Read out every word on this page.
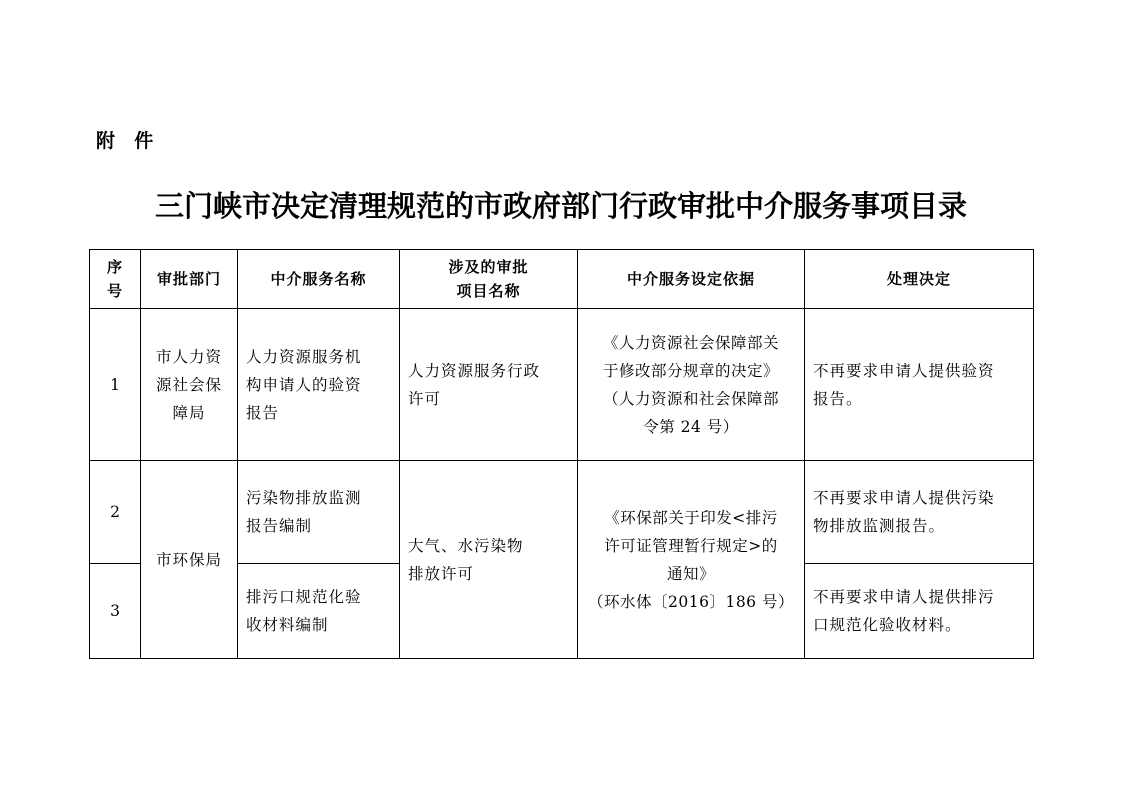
附  件
三门峡市决定清理规范的市政府部门行政审批中介服务事项目录
序
号	审批部门	中介服务名称	涉及的审批
项目名称	中介服务设定依据	处理决定

1	市人力资
源社会保
障局	人力资源服务机
构申请人的验资
报告	人力资源服务行政
许可	《人力资源社会保障部关
于修改部分规章的决定》
（人力资源和社会保障部
令第 24 号）	不再要求申请人提供验资
报告。

2	市环保局	污染物排放监测
报告编制	大气、水污染物
排放许可	《环保部关于印发<排污
许可证管理暂行规定>的
通知》
（环水体〔2016〕186 号）	不再要求申请人提供污染
物排放监测报告。

3		排污口规范化验
收材料编制			不再要求申请人提供排污
口规范化验收材料。
